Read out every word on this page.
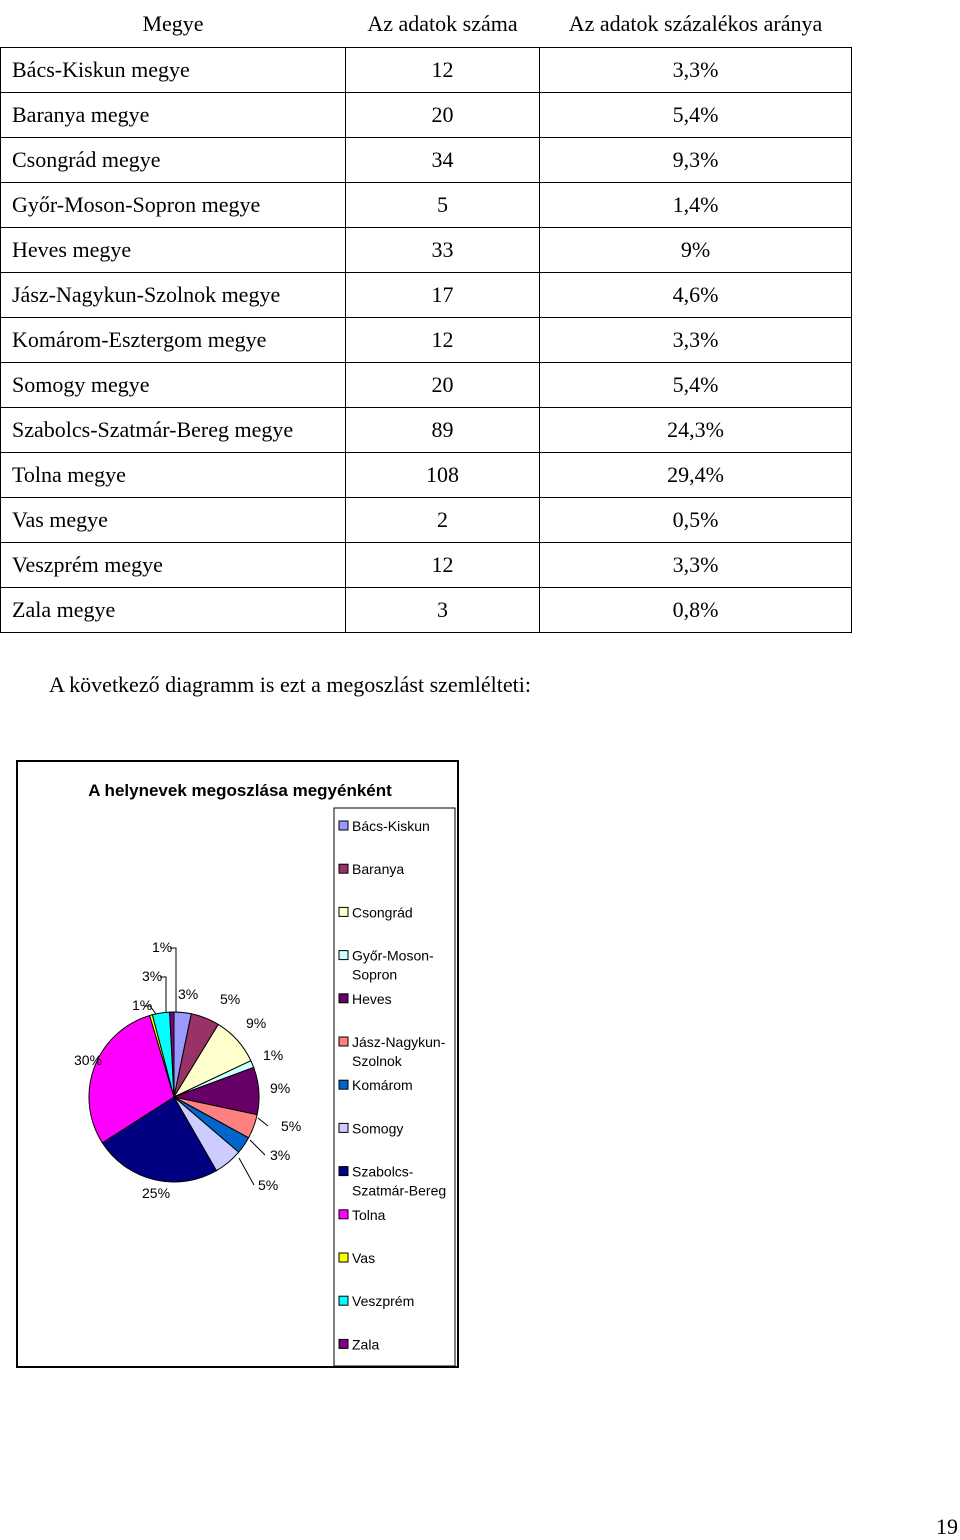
Megye	Az adatok száma	Az adatok százalékos aránya
Bács-Kiskun megye	12	3,3%
Baranya megye	20	5,4%
Csongrád megye	34	9,3%
Győr-Moson-Sopron megye	5	1,4%
Heves megye	33	9%
Jász-Nagykun-Szolnok megye	17	4,6%
Komárom-Esztergom megye	12	3,3%
Somogy megye	20	5,4%
Szabolcs-Szatmár-Bereg megye	89	24,3%
Tolna megye	108	29,4%
Vas megye	2	0,5%
Veszprém megye	12	3,3%
Zala megye	3	0,8%

A következő diagramm is ezt a megoszlást szemlélteti:

A helynevek megoszlása megyénként
3% 5%
9%
1%
9%
5%
3%
5%
25%
30%
1%
3%
1%
Bács-Kiskun
Baranya
Csongrád
Győr-Moson-
Sopron
Heves
Jász-Nagykun-
Szolnok
Komárom
Somogy
Szabolcs-
Szatmár-Bereg
Tolna
Vas
Veszprém
Zala
19
